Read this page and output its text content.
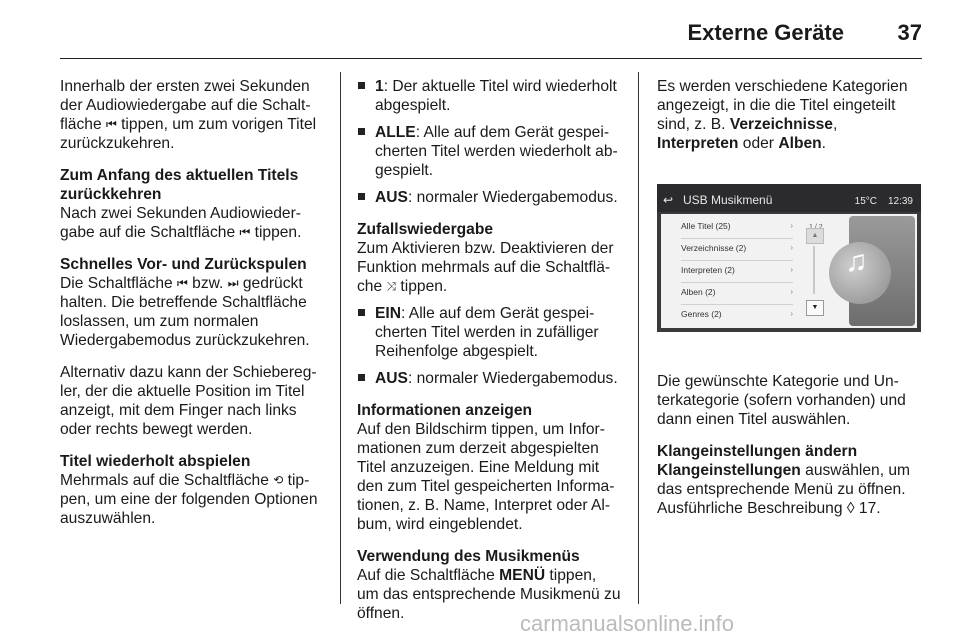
Externe Geräte 37

Innerhalb der ersten zwei Sekunden der Audiowiedergabe auf die Schaltfläche ⏮ tippen, um zum vorigen Titel zurückzukehren.

Zum Anfang des aktuellen Titels zurückkehren

Nach zwei Sekunden Audiowiedergabe auf die Schaltfläche ⏮ tippen.

Schnelles Vor- und Zurückspulen

Die Schaltfläche ⏮ bzw. ⏭ gedrückt halten. Die betreffende Schaltfläche loslassen, um zum normalen Wiedergabemodus zurückzukehren.

Alternativ dazu kann der Schieberegler, der die aktuelle Position im Titel anzeigt, mit dem Finger nach links oder rechts bewegt werden.

Titel wiederholt abspielen

Mehrmals auf die Schaltfläche ⟲ tippen, um eine der folgenden Optionen auszuwählen.

1: Der aktuelle Titel wird wiederholt abgespielt.
ALLE: Alle auf dem Gerät gespeicherten Titel werden wiederholt abgespielt.
AUS: normaler Wiedergabemodus.

Zufallswiedergabe

Zum Aktivieren bzw. Deaktivieren der Funktion mehrmals auf die Schaltfläche ⤨ tippen.

EIN: Alle auf dem Gerät gespeicherten Titel werden in zufälliger Reihenfolge abgespielt.
AUS: normaler Wiedergabemodus.

Informationen anzeigen

Auf den Bildschirm tippen, um Informationen zum derzeit abgespielten Titel anzuzeigen. Eine Meldung mit den zum Titel gespeicherten Informationen, z. B. Name, Interpret oder Album, wird eingeblendet.

Verwendung des Musikmenüs

Auf die Schaltfläche MENÜ tippen, um das entsprechende Musikmenü zu öffnen.

Es werden verschiedene Kategorien angezeigt, in die die Titel eingeteilt sind, z. B. Verzeichnisse, Interpreten oder Alben.

↩ USB Musikmenü	15°C 12:39
Alle Titel (25)	›
Verzeichnisse (2)	›
Interpreten (2)	›
Alben (2)	›
Genres (2)	›
▲
▼
♫

Die gewünschte Kategorie und Unterkategorie (sofern vorhanden) und dann einen Titel auswählen.

Klangeinstellungen ändern

Klangeinstellungen auswählen, um das entsprechende Menü zu öffnen. Ausführliche Beschreibung ◊ 17.

carmanualsonline.info
